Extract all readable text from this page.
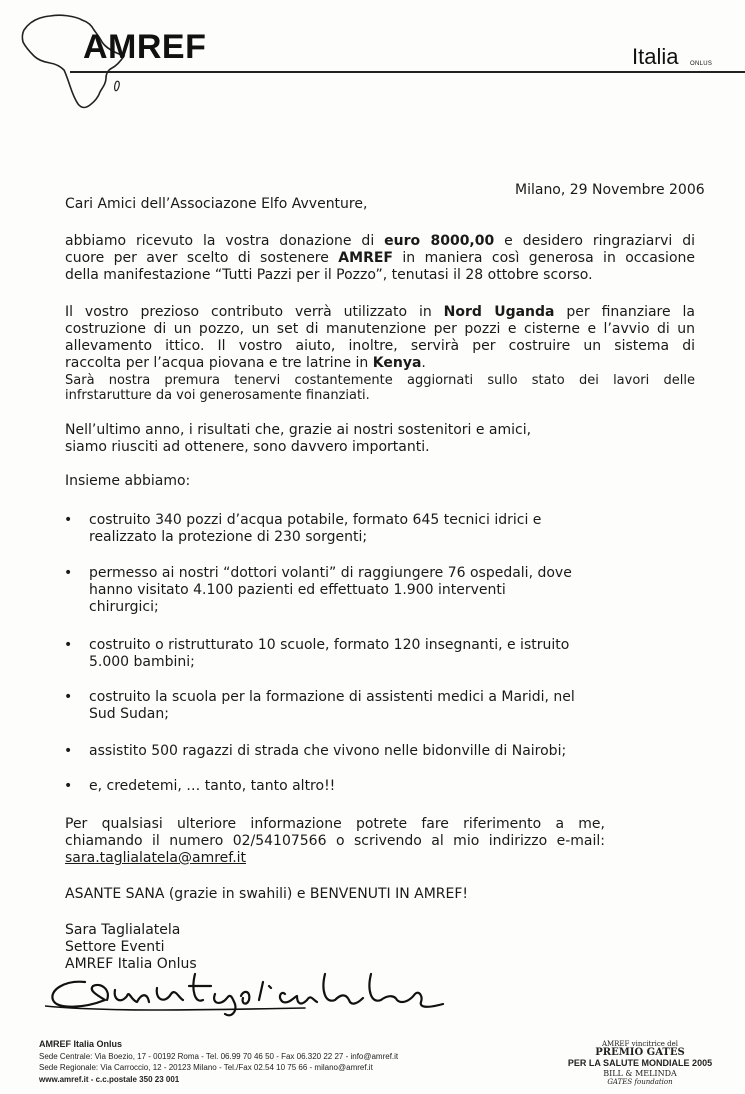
AMREF	Italia ONLUS
Milano, 29 Novembre 2006
Cari Amici dell’Associazone Elfo Avventure,
abbiamo ricevuto la vostra donazione di euro 8000,00 e desidero ringraziarvi di
cuore per aver scelto di sostenere AMREF in maniera così generosa in occasione
della manifestazione “Tutti Pazzi per il Pozzo”, tenutasi il 28 ottobre scorso.
Il vostro prezioso contributo verrà utilizzato in Nord Uganda per finanziare la
costruzione di un pozzo, un set di manutenzione per pozzi e cisterne e l’avvio di un
allevamento ittico. Il vostro aiuto, inoltre, servirà per costruire un sistema di
raccolta per l’acqua piovana e tre latrine in Kenya.
Sarà nostra premura tenervi costantemente aggiornati sullo stato dei lavori delle
infrstarutture da voi generosamente finanziati.
Nell’ultimo anno, i risultati che, grazie ai nostri sostenitori e amici,
siamo riusciti ad ottenere, sono davvero importanti.
Insieme abbiamo:
• costruito 340 pozzi d’acqua potabile, formato 645 tecnici idrici e
realizzato la protezione di 230 sorgenti;
• permesso ai nostri “dottori volanti” di raggiungere 76 ospedali, dove
hanno visitato 4.100 pazienti ed effettuato 1.900 interventi
chirurgici;
• costruito o ristrutturato 10 scuole, formato 120 insegnanti, e istruito
5.000 bambini;
• costruito la scuola per la formazione di assistenti medici a Maridi, nel
Sud Sudan;
• assistito 500 ragazzi di strada che vivono nelle bidonville di Nairobi;
• e, credetemi, … tanto, tanto altro!!
Per qualsiasi ulteriore informazione potrete fare riferimento a me,
chiamando il numero 02/54107566 o scrivendo al mio indirizzo e-mail:
sara.taglialatela@amref.it
ASANTE SANA (grazie in swahili) e BENVENUTI IN AMREF!
Sara Taglialatela
Settore Eventi
AMREF Italia Onlus
AMREF Italia Onlus
Sede Centrale: Via Boezio, 17 - 00192 Roma - Tel. 06.99 70 46 50 - Fax 06.320 22 27 - info@amref.it
Sede Regionale: Via Carroccio, 12 - 20123 Milano - Tel./Fax 02.54 10 75 66 - milano@amref.it
www.amref.it - c.c.postale 350 23 001
AMREF vincitrice del
PREMIO GATES
PER LA SALUTE MONDIALE 2005
BILL & MELINDA
GATES foundation
